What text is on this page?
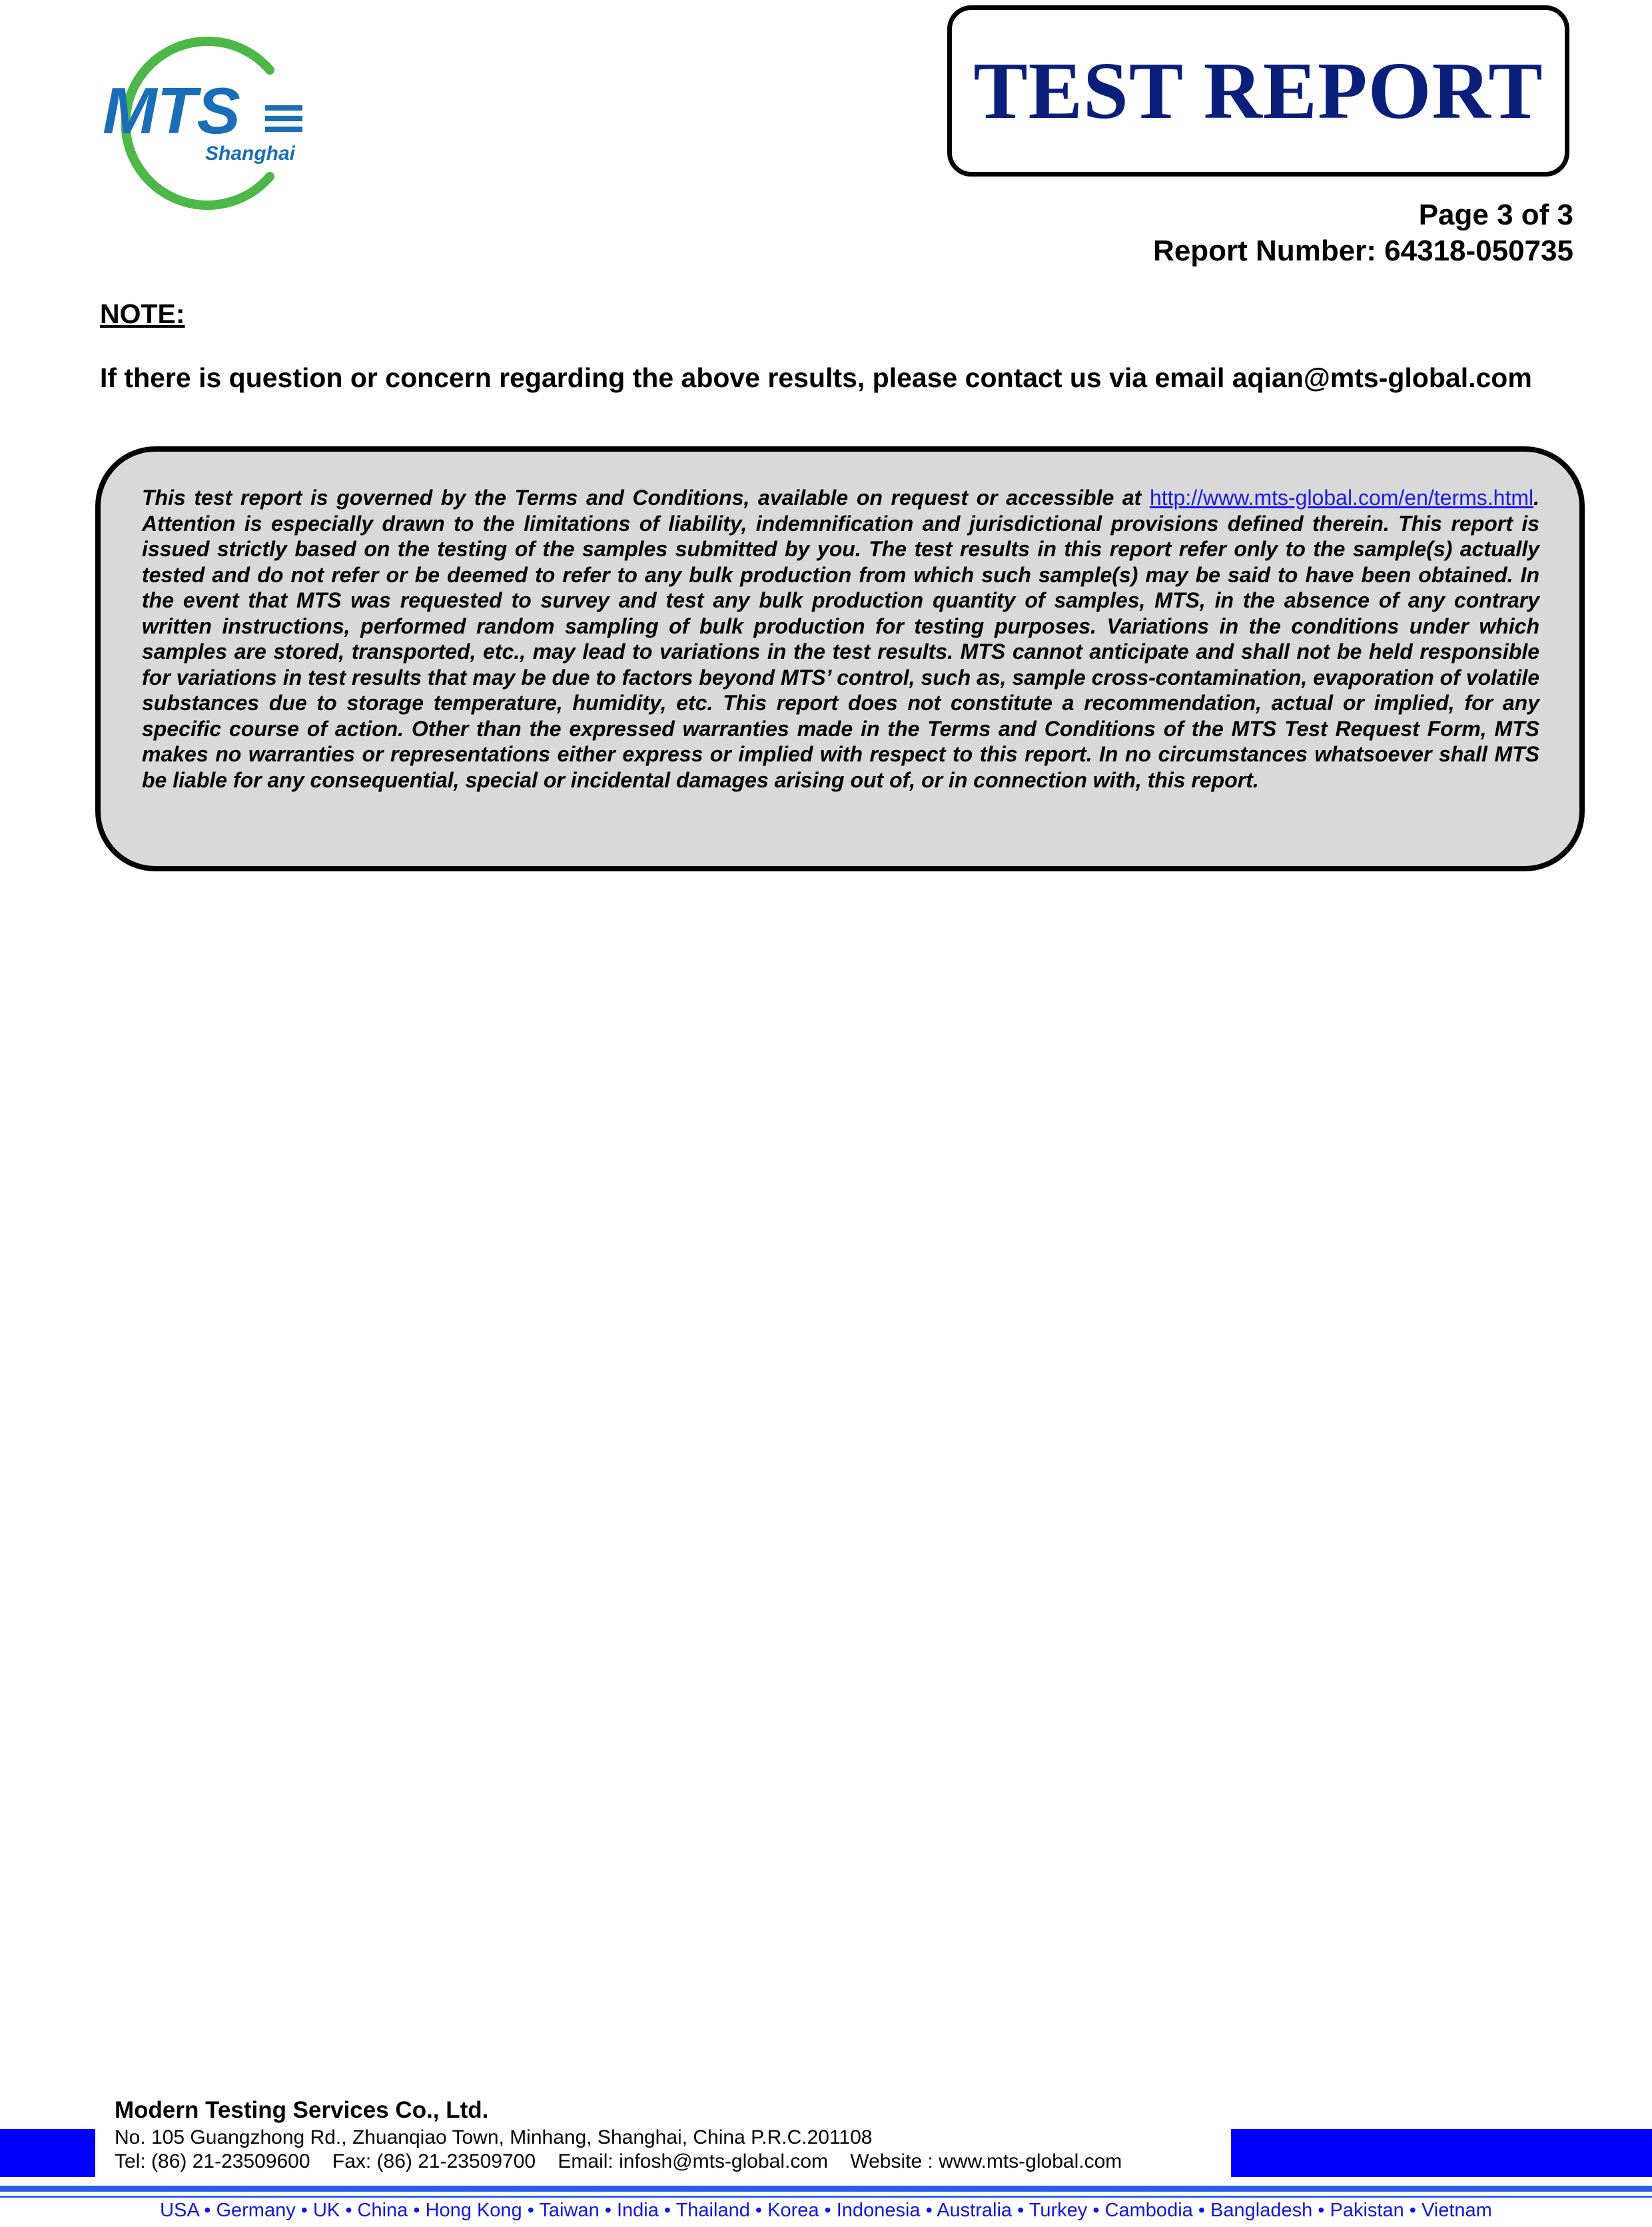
MTS
Shanghai
TEST REPORT
Page 3 of 3
Report Number: 64318-050735
NOTE:
If there is question or concern regarding the above results, please contact us via email aqian@mts-global.com
This test report is governed by the Terms and Conditions, available on request or accessible at http://www.mts-global.com/en/terms.html. Attention is especially drawn to the limitations of liability, indemnification and jurisdictional provisions defined therein. This report is issued strictly based on the testing of the samples submitted by you. The test results in this report refer only to the sample(s) actually tested and do not refer or be deemed to refer to any bulk production from which such sample(s) may be said to have been obtained. In the event that MTS was requested to survey and test any bulk production quantity of samples, MTS, in the absence of any contrary written instructions, performed random sampling of bulk production for testing purposes. Variations in the conditions under which samples are stored, transported, etc., may lead to variations in the test results. MTS cannot anticipate and shall not be held responsible for variations in test results that may be due to factors beyond MTS’ control, such as, sample cross-contamination, evaporation of volatile substances due to storage temperature, humidity, etc. This report does not constitute a recommendation, actual or implied, for any specific course of action. Other than the expressed warranties made in the Terms and Conditions of the MTS Test Request Form, MTS makes no warranties or representations either express or implied with respect to this report. In no circumstances whatsoever shall MTS be liable for any consequential, special or incidental damages arising out of, or in connection with, this report.
Modern Testing Services Co., Ltd.
No. 105 Guangzhong Rd., Zhuanqiao Town, Minhang, Shanghai, China P.R.C.201108
Tel: (86) 21-23509600    Fax: (86) 21-23509700    Email: infosh@mts-global.com    Website : www.mts-global.com
USA • Germany • UK • China • Hong Kong • Taiwan • India • Thailand • Korea • Indonesia • Australia • Turkey • Cambodia • Bangladesh • Pakistan • Vietnam
